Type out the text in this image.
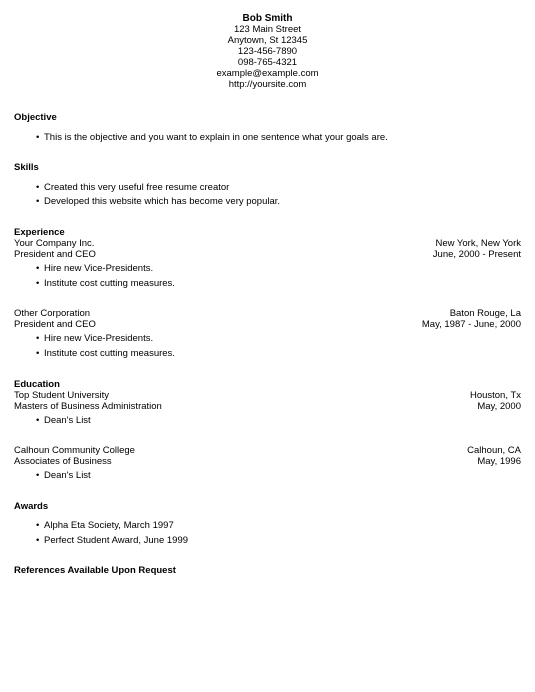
Bob Smith
123 Main Street
Anytown, St 12345
123-456-7890
098-765-4321
example@example.com
http://yoursite.com
Objective
• This is the objective and you want to explain in one sentence what your goals are.
Skills
• Created this very useful free resume creator
• Developed this website which has become very popular.
Experience
Your Company Inc.	New York, New York
President and CEO	June, 2000 - Present
• Hire new Vice-Presidents.
• Institute cost cutting measures.
Other Corporation	Baton Rouge, La
President and CEO	May, 1987 - June, 2000
• Hire new Vice-Presidents.
• Institute cost cutting measures.
Education
Top Student University	Houston, Tx
Masters of Business Administration	May, 2000
• Dean's List
Calhoun Community College	Calhoun, CA
Associates of Business	May, 1996
• Dean's List
Awards
• Alpha Eta Society, March 1997
• Perfect Student Award, June 1999
References Available Upon Request
